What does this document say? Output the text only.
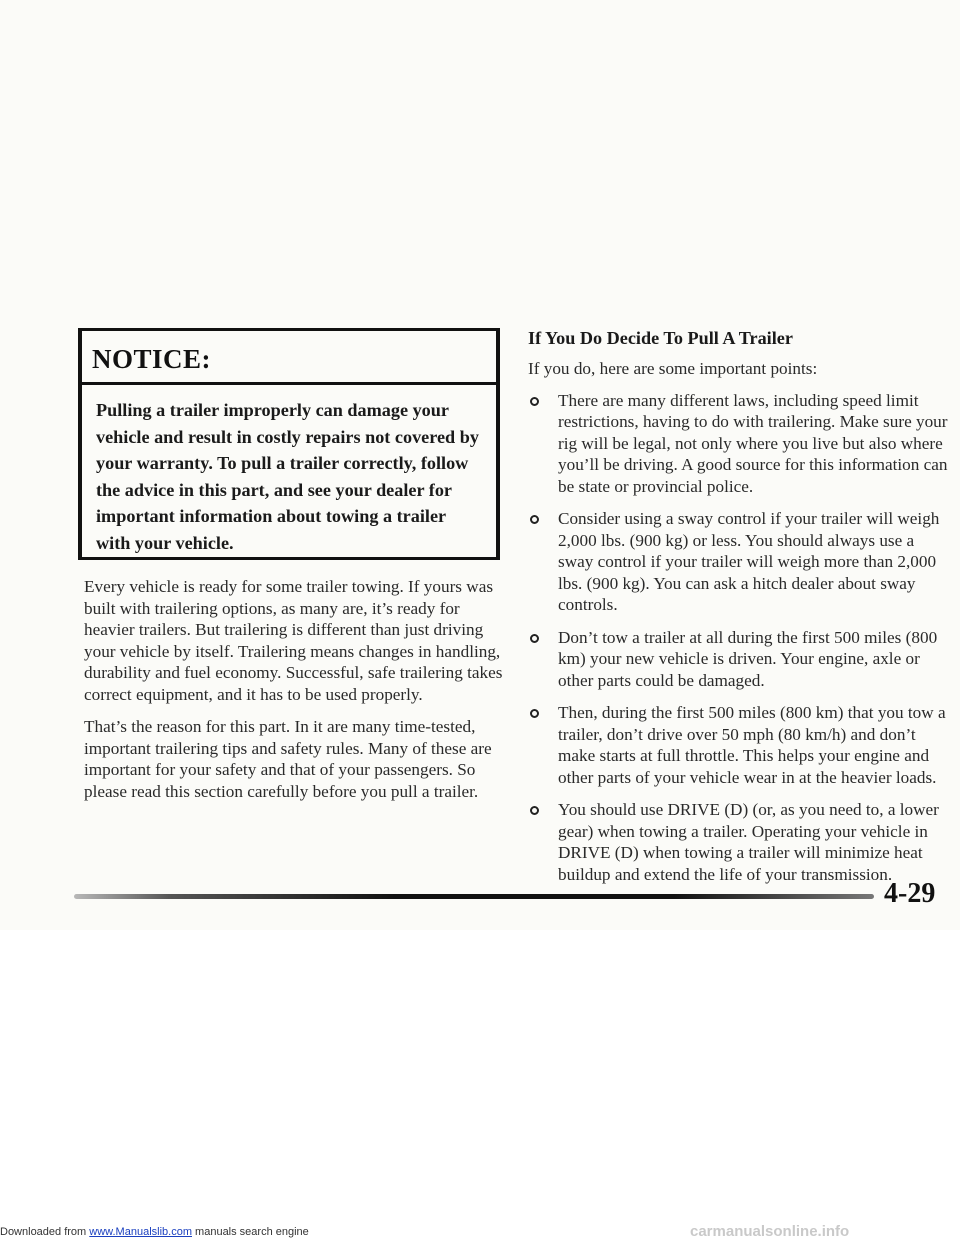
NOTICE:
Pulling a trailer improperly can damage your vehicle and result in costly repairs not covered by your warranty. To pull a trailer correctly, follow the advice in this part, and see your dealer for important information about towing a trailer with your vehicle.

Every vehicle is ready for some trailer towing. If yours was built with trailering options, as many are, it’s ready for heavier trailers. But trailering is different than just driving your vehicle by itself. Trailering means changes in handling, durability and fuel economy. Successful, safe trailering takes correct equipment, and it has to be used properly.

That’s the reason for this part. In it are many time-tested, important trailering tips and safety rules. Many of these are important for your safety and that of your passengers. So please read this section carefully before you pull a trailer.

If You Do Decide To Pull A Trailer

If you do, here are some important points:

There are many different laws, including speed limit restrictions, having to do with trailering. Make sure your rig will be legal, not only where you live but also where you’ll be driving. A good source for this information can be state or provincial police.
Consider using a sway control if your trailer will weigh 2,000 lbs. (900 kg) or less. You should always use a sway control if your trailer will weigh more than 2,000 lbs. (900 kg). You can ask a hitch dealer about sway controls.
Don’t tow a trailer at all during the first 500 miles (800 km) your new vehicle is driven. Your engine, axle or other parts could be damaged.
Then, during the first 500 miles (800 km) that you tow a trailer, don’t drive over 50 mph (80 km/h) and don’t make starts at full throttle. This helps your engine and other parts of your vehicle wear in at the heavier loads.
You should use DRIVE (D) (or, as you need to, a lower gear) when towing a trailer. Operating your vehicle in DRIVE (D) when towing a trailer will minimize heat buildup and extend the life of your transmission.
4-29
Downloaded from www.Manualslib.com manuals search engine	carmanualsonline.info
